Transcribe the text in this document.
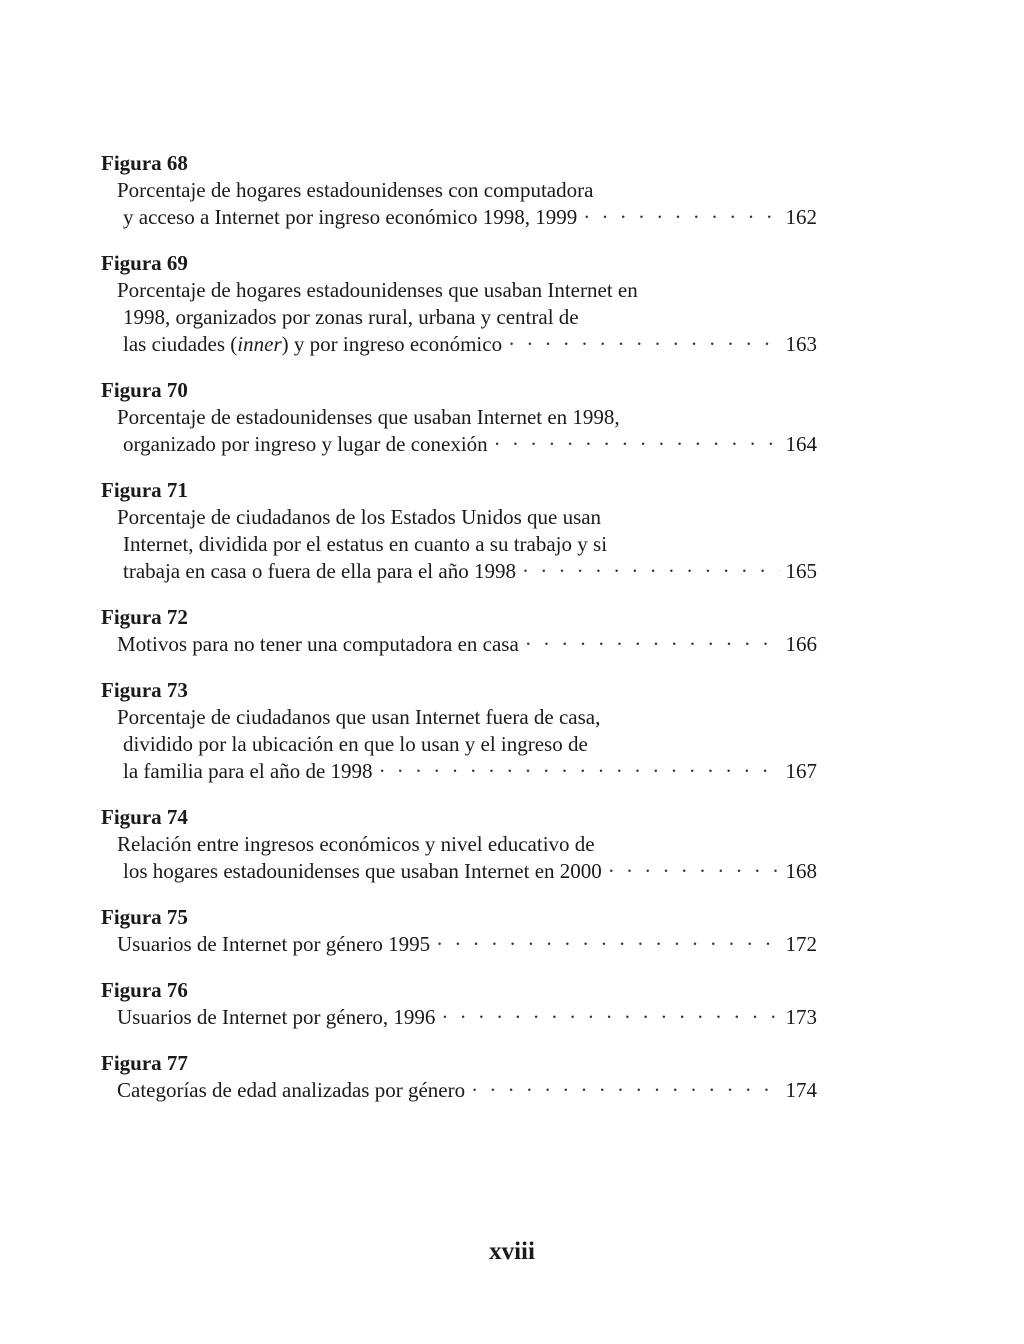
Figura 68
Porcentaje de hogares estadounidenses con computadora
y acceso a Internet por ingreso económico 1998, 1999 · · ·	162
Figura 69
Porcentaje de hogares estadounidenses que usaban Internet en
1998, organizados por zonas rural, urbana y central de
las ciudades (inner) y por ingreso económico · · ·	163
Figura 70
Porcentaje de estadounidenses que usaban Internet en 1998,
organizado por ingreso y lugar de conexión · · ·	164
Figura 71
Porcentaje de ciudadanos de los Estados Unidos que usan
Internet, dividida por el estatus en cuanto a su trabajo y si
trabaja en casa o fuera de ella para el año 1998 · · ·	165
Figura 72
Motivos para no tener una computadora en casa · · ·	166
Figura 73
Porcentaje de ciudadanos que usan Internet fuera de casa,
dividido por la ubicación en que lo usan y el ingreso de
la familia para el año de 1998 · · ·	167
Figura 74
Relación entre ingresos económicos y nivel educativo de
los hogares estadounidenses que usaban Internet en 2000 · · ·	168
Figura 75
Usuarios de Internet por género 1995 · · ·	172
Figura 76
Usuarios de Internet por género, 1996 · · ·	173
Figura 77
Categorías de edad analizadas por género · · ·	174
xviii
